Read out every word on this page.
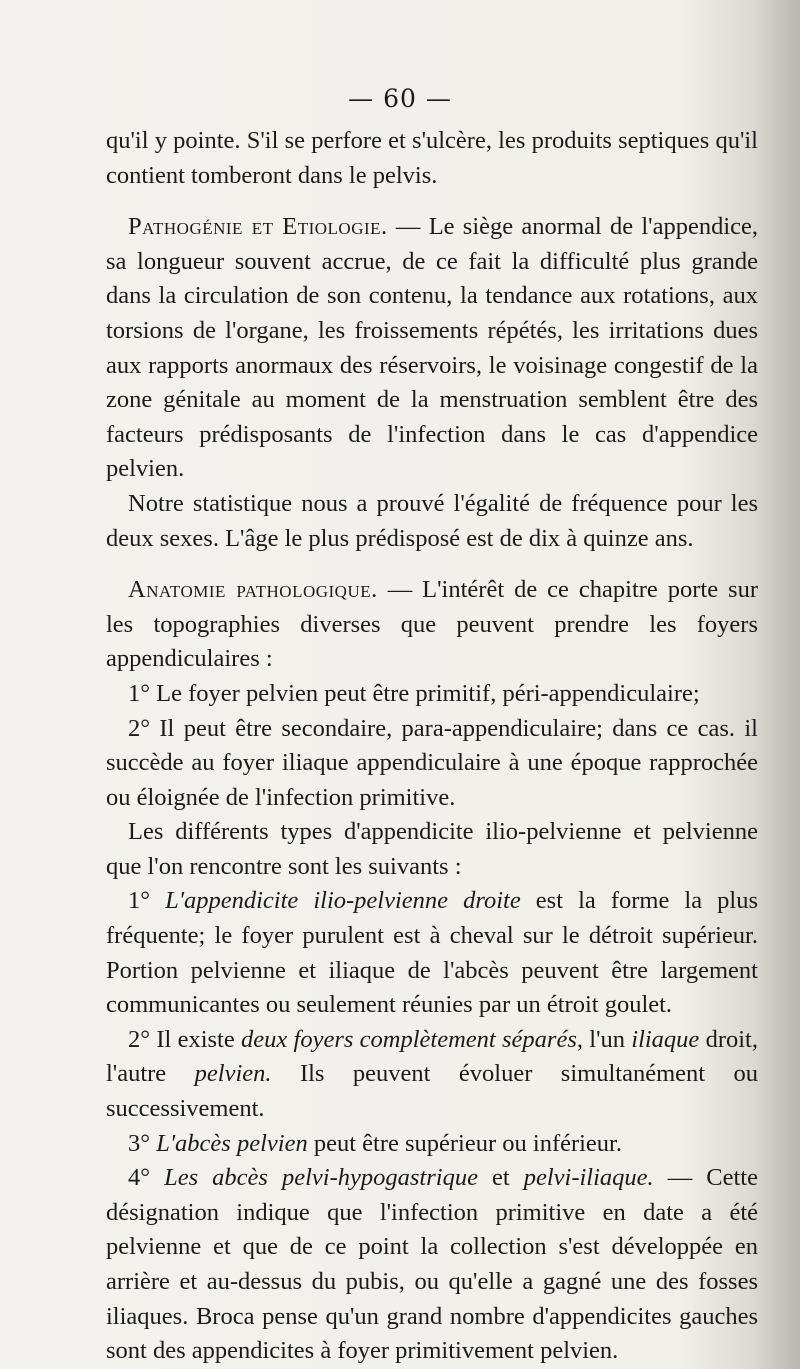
— 60 —

qu'il y pointe. S'il se perfore et s'ulcère, les produits septiques qu'il contient tomberont dans le pelvis.

Pathogénie et Etiologie. — Le siège anormal de l'appendice, sa longueur souvent accrue, de ce fait la difficulté plus grande dans la circulation de son contenu, la tendance aux rotations, aux torsions de l'organe, les froissements répétés, les irritations dues aux rapports anormaux des réservoirs, le voisinage congestif de la zone génitale au moment de la menstruation semblent être des facteurs prédisposants de l'infection dans le cas d'appendice pelvien.

Notre statistique nous a prouvé l'égalité de fréquence pour les deux sexes. L'âge le plus prédisposé est de dix à quinze ans.

Anatomie pathologique. — L'intérêt de ce chapitre porte sur les topographies diverses que peuvent prendre les foyers appendiculaires :

1° Le foyer pelvien peut être primitif, péri-appendiculaire;

2° Il peut être secondaire, para-appendiculaire; dans ce cas. il succède au foyer iliaque appendiculaire à une époque rapprochée ou éloignée de l'infection primitive.

Les différents types d'appendicite ilio-pelvienne et pelvienne que l'on rencontre sont les suivants :

1° L'appendicite ilio-pelvienne droite est la forme la plus fréquente; le foyer purulent est à cheval sur le détroit supérieur. Portion pelvienne et iliaque de l'abcès peuvent être largement communicantes ou seulement réunies par un étroit goulet.

2° Il existe deux foyers complètement séparés, l'un iliaque droit, l'autre pelvien. Ils peuvent évoluer simultanément ou successivement.

3° L'abcès pelvien peut être supérieur ou inférieur.

4° Les abcès pelvi-hypogastrique et pelvi-iliaque. — Cette désignation indique que l'infection primitive en date a été pelvienne et que de ce point la collection s'est développée en arrière et au-dessus du pubis, ou qu'elle a gagné une des fosses iliaques. Broca pense qu'un grand nombre d'appendicites gauches sont des appendicites à foyer primitivement pelvien.
